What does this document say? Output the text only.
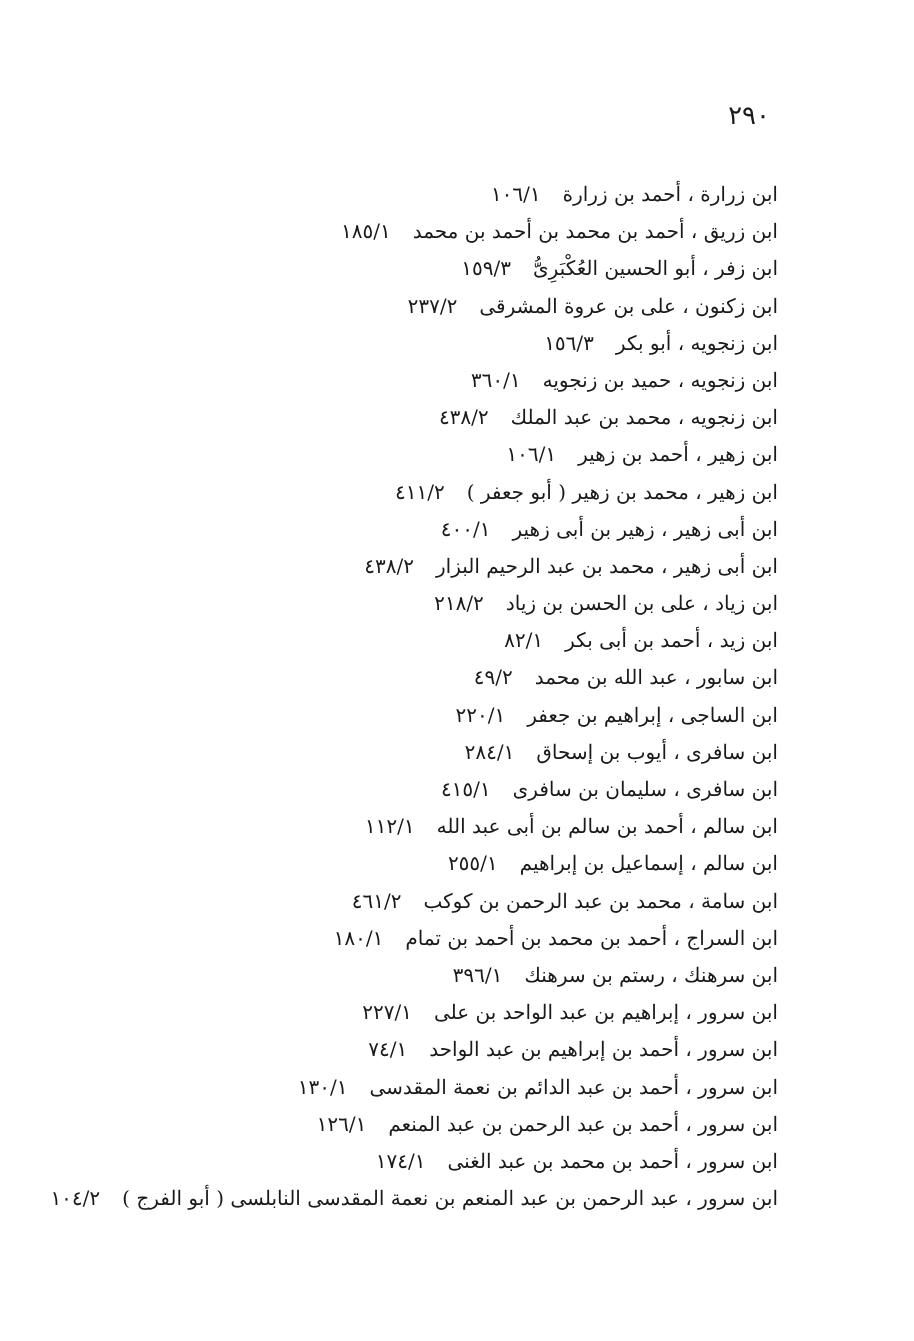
٢٩٠
ابن زرارة ، أحمد بن زرارة١٠٦/١
ابن زريق ، أحمد بن محمد بن أحمد بن محمد١٨٥/١
ابن زفر ، أبو الحسين العُكْبَرِىُّ١٥٩/٣
ابن زكنون ، على بن عروة المشرقى٢٣٧/٢
ابن زنجويه ، أبو بكر١٥٦/٣
ابن زنجويه ، حميد بن زنجويه٣٦٠/١
ابن زنجويه ، محمد بن عبد الملك٤٣٨/٢
ابن زهير ، أحمد بن زهير١٠٦/١
ابن زهير ، محمد بن زهير ( أبو جعفر )٤١١/٢
ابن أبى زهير ، زهير بن أبى زهير٤٠٠/١
ابن أبى زهير ، محمد بن عبد الرحيم البزار٤٣٨/٢
ابن زياد ، على بن الحسن بن زياد٢١٨/٢
ابن زيد ، أحمد بن أبى بكر٨٢/١
ابن سابور ، عبد الله بن محمد٤٩/٢
ابن الساجى ، إبراهيم بن جعفر٢٢٠/١
ابن سافرى ، أيوب بن إسحاق٢٨٤/١
ابن سافرى ، سليمان بن سافرى٤١٥/١
ابن سالم ، أحمد بن سالم بن أبى عبد الله١١٢/١
ابن سالم ، إسماعيل بن إبراهيم٢٥٥/١
ابن سامة ، محمد بن عبد الرحمن بن كوكب٤٦١/٢
ابن السراج ، أحمد بن محمد بن أحمد بن تمام١٨٠/١
ابن سرهنك ، رستم بن سرهنك٣٩٦/١
ابن سرور ، إبراهيم بن عبد الواحد بن على٢٢٧/١
ابن سرور ، أحمد بن إبراهيم بن عبد الواحد٧٤/١
ابن سرور ، أحمد بن عبد الدائم بن نعمة المقدسى١٣٠/١
ابن سرور ، أحمد بن عبد الرحمن بن عبد المنعم١٢٦/١
ابن سرور ، أحمد بن محمد بن عبد الغنى١٧٤/١
ابن سرور ، عبد الرحمن بن عبد المنعم بن نعمة المقدسى النابلسى ( أبو الفرج )١٠٤/٢
